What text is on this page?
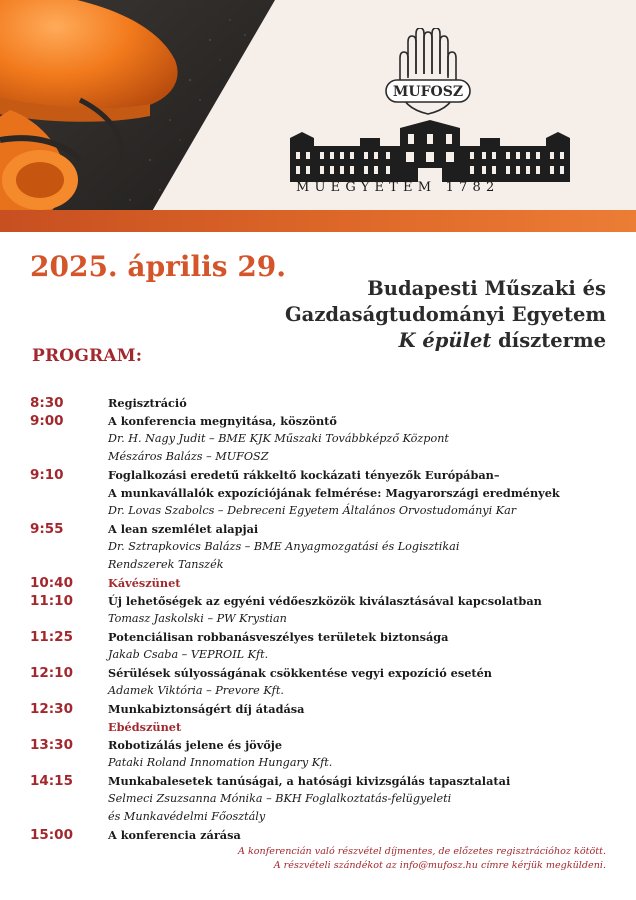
MUFOSZ
MŰEGYETEM 1782
2025. április 29.
Budapesti Műszaki és
Gazdaságtudományi Egyetem
K épület díszterme
PROGRAM:
8:30	Regisztráció
9:00	A konferencia megnyitása, köszöntő
Dr. H. Nagy Judit – BME KJK Műszaki Továbbképző Központ
Mészáros Balázs – MUFOSZ
9:10	Foglalkozási eredetű rákkeltő kockázati tényezők Európában–
A munkavállalók expozíciójának felmérése: Magyarországi eredmények
Dr. Lovas Szabolcs – Debreceni Egyetem Általános Orvostudományi Kar
9:55	A lean szemlélet alapjai
Dr. Sztrapkovics Balázs – BME Anyagmozgatási és Logisztikai
Rendszerek Tanszék
10:40	Kávészünet
11:10	Új lehetőségek az egyéni védőeszközök kiválasztásával kapcsolatban
Tomasz Jaskolski – PW Krystian
11:25	Potenciálisan robbanásveszélyes területek biztonsága
Jakab Csaba – VEPROIL Kft.
12:10	Sérülések súlyosságának csökkentése vegyi expozíció esetén
Adamek Viktória – Prevore Kft.
12:30	Munkabiztonságért díj átadása
Ebédszünet
13:30	Robotizálás jelene és jövője
Pataki Roland Innomation Hungary Kft.
14:15	Munkabalesetek tanúságai, a hatósági kivizsgálás tapasztalatai
Selmeci Zsuzsanna Mónika – BKH Foglalkoztatás-felügyeleti
és Munkavédelmi Főosztály
15:00	A konferencia zárása
A konferencián való részvétel díjmentes, de előzetes regisztrációhoz kötött.
A részvételi szándékot az info@mufosz.hu címre kérjük megküldeni.
